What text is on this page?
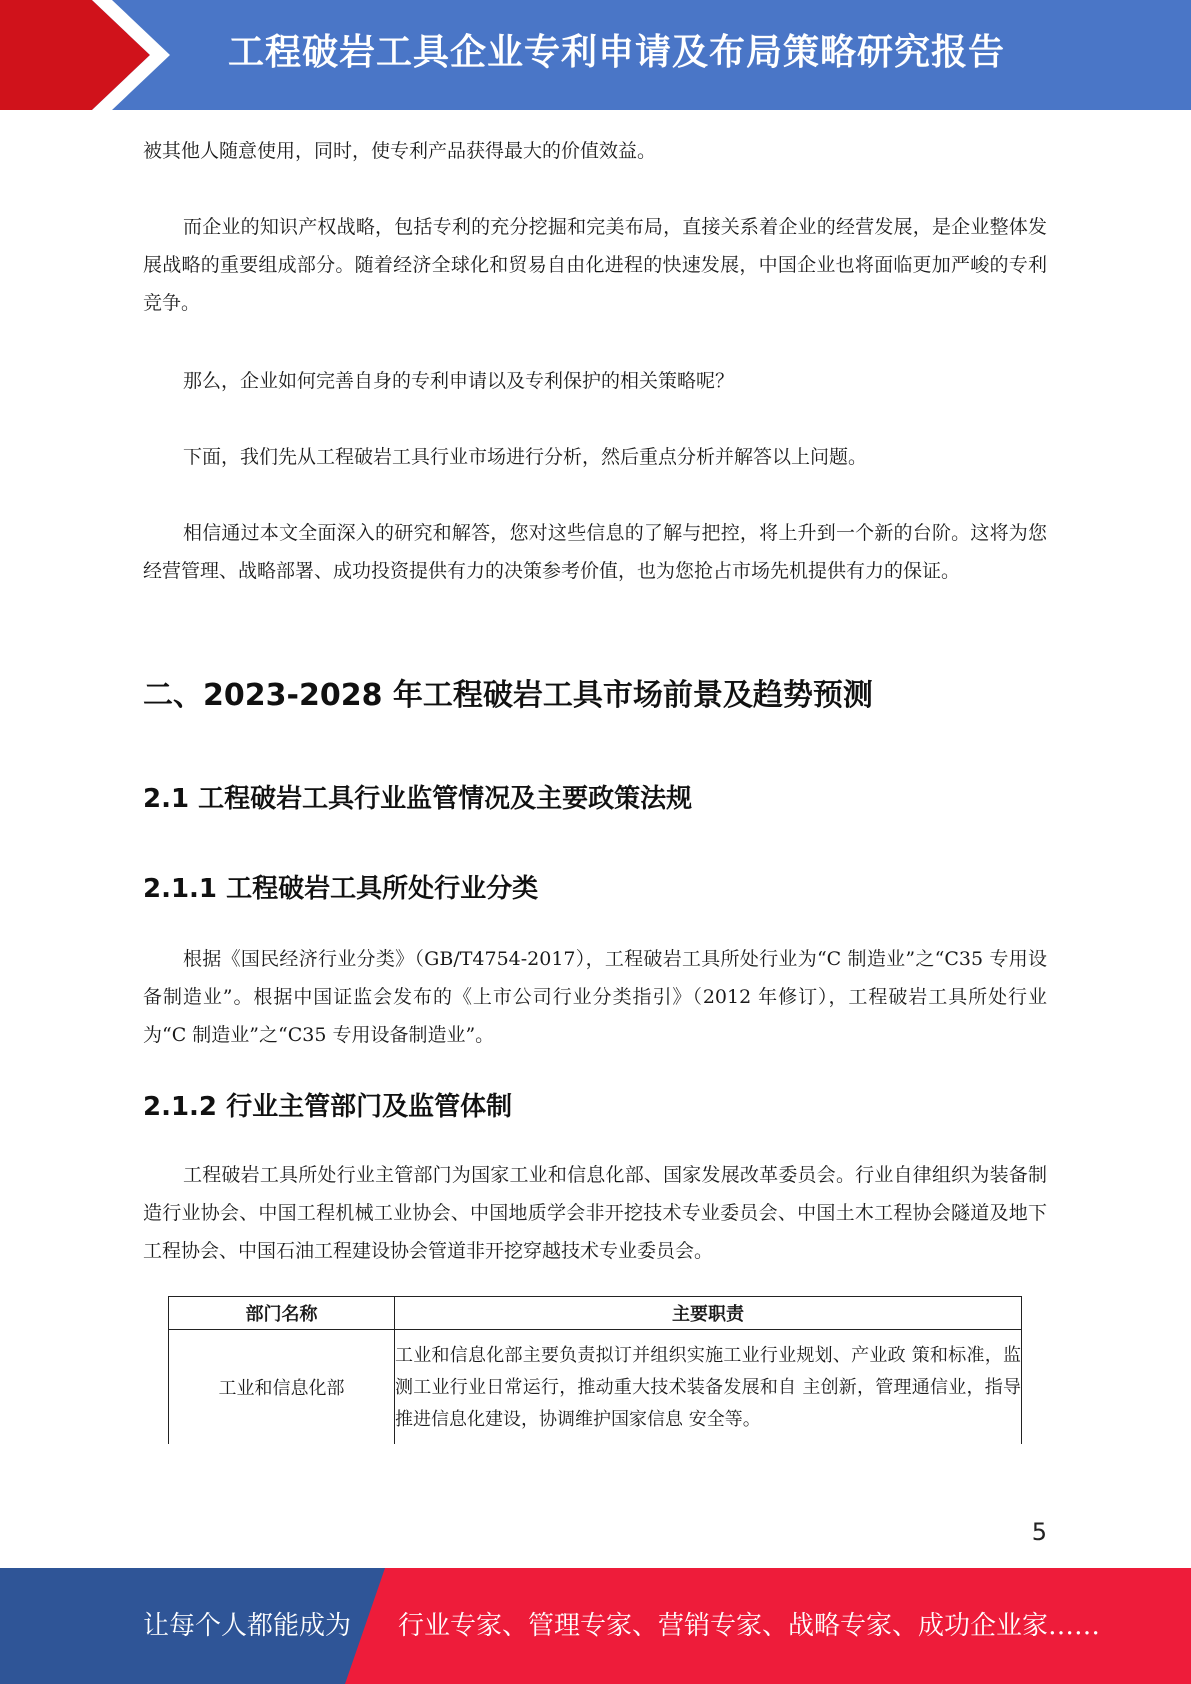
工程破岩工具企业专利申请及布局策略研究报告

被其他人随意使用，同时，使专利产品获得最大的价值效益。

而企业的知识产权战略，包括专利的充分挖掘和完美布局，直接关系着企业的经营发展，是企业整体发展战略的重要组成部分。随着经济全球化和贸易自由化进程的快速发展，中国企业也将面临更加严峻的专利竞争。

那么，企业如何完善自身的专利申请以及专利保护的相关策略呢？

下面，我们先从工程破岩工具行业市场进行分析，然后重点分析并解答以上问题。

相信通过本文全面深入的研究和解答，您对这些信息的了解与把控，将上升到一个新的台阶。这将为您经营管理、战略部署、成功投资提供有力的决策参考价值，也为您抢占市场先机提供有力的保证。

二、2023-2028 年工程破岩工具市场前景及趋势预测
2.1 工程破岩工具行业监管情况及主要政策法规
2.1.1 工程破岩工具所处行业分类

根据《国民经济行业分类》（GB/T4754-2017），工程破岩工具所处行业为“C 制造业”之“C35 专用设备制造业”。根据中国证监会发布的《上市公司行业分类指引》（2012 年修订），工程破岩工具所处行业为“C 制造业”之“C35 专用设备制造业”。

2.1.2 行业主管部门及监管体制

工程破岩工具所处行业主管部门为国家工业和信息化部、国家发展改革委员会。行业自律组织为装备制造行业协会、中国工程机械工业协会、中国地质学会非开挖技术专业委员会、中国土木工程协会隧道及地下工程协会、中国石油工程建设协会管道非开挖穿越技术专业委员会。

部门名称	主要职责
工业和信息化部	工业和信息化部主要负责拟订并组织实施工业行业规划、产业政 策和标准，监测工业行业日常运行，推动重大技术装备发展和自 主创新，管理通信业，指导推进信息化建设，协调维护国家信息 安全等。
5
让每个人都能成为 行业专家、管理专家、营销专家、战略专家、成功企业家……
